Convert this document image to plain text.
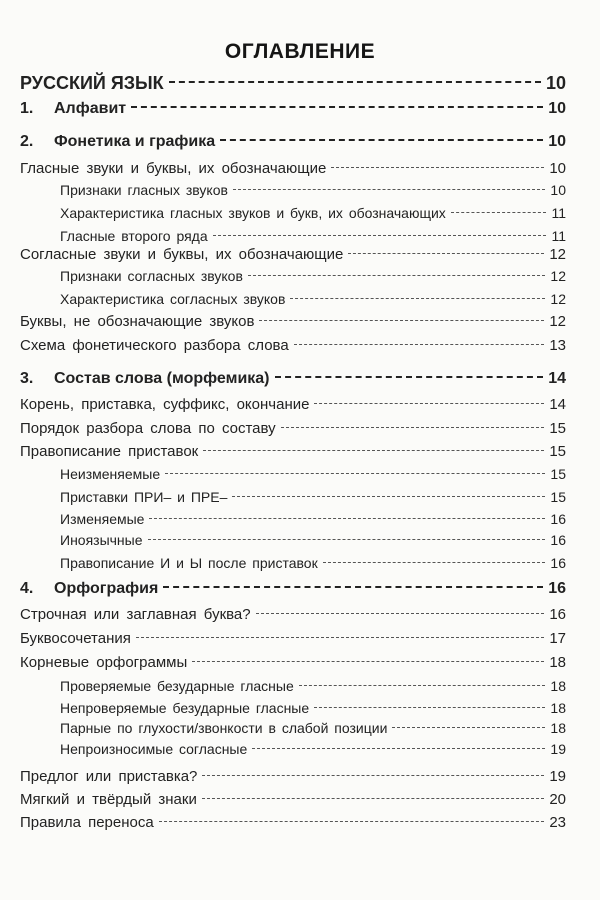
ОГЛАВЛЕНИЕ
РУССКИЙ ЯЗЫК	10
1. Алфавит	10
2. Фонетика и графика	10
Гласные звуки и буквы, их обозначающие	10
Признаки гласных звуков	10
Характеристика гласных звуков и букв, их обозначающих	11
Гласные второго ряда	11
Согласные звуки и буквы, их обозначающие	12
Признаки согласных звуков	12
Характеристика согласных звуков	12
Буквы, не обозначающие звуков	12
Схема фонетического разбора слова	13
3. Состав слова (морфемика)	14
Корень, приставка, суффикс, окончание	14
Порядок разбора слова по составу	15
Правописание приставок	15
Неизменяемые	15
Приставки ПРИ– и ПРЕ–	15
Изменяемые	16
Иноязычные	16
Правописание И и Ы после приставок	16
4. Орфография	16
Строчная или заглавная буква?	16
Буквосочетания	17
Корневые орфограммы	18
Проверяемые безударные гласные	18
Непроверяемые безударные гласные	18
Парные по глухости/звонкости в слабой позиции	18
Непроизносимые согласные	19
Предлог или приставка?	19
Мягкий и твёрдый знаки	20
Правила переноса	23
